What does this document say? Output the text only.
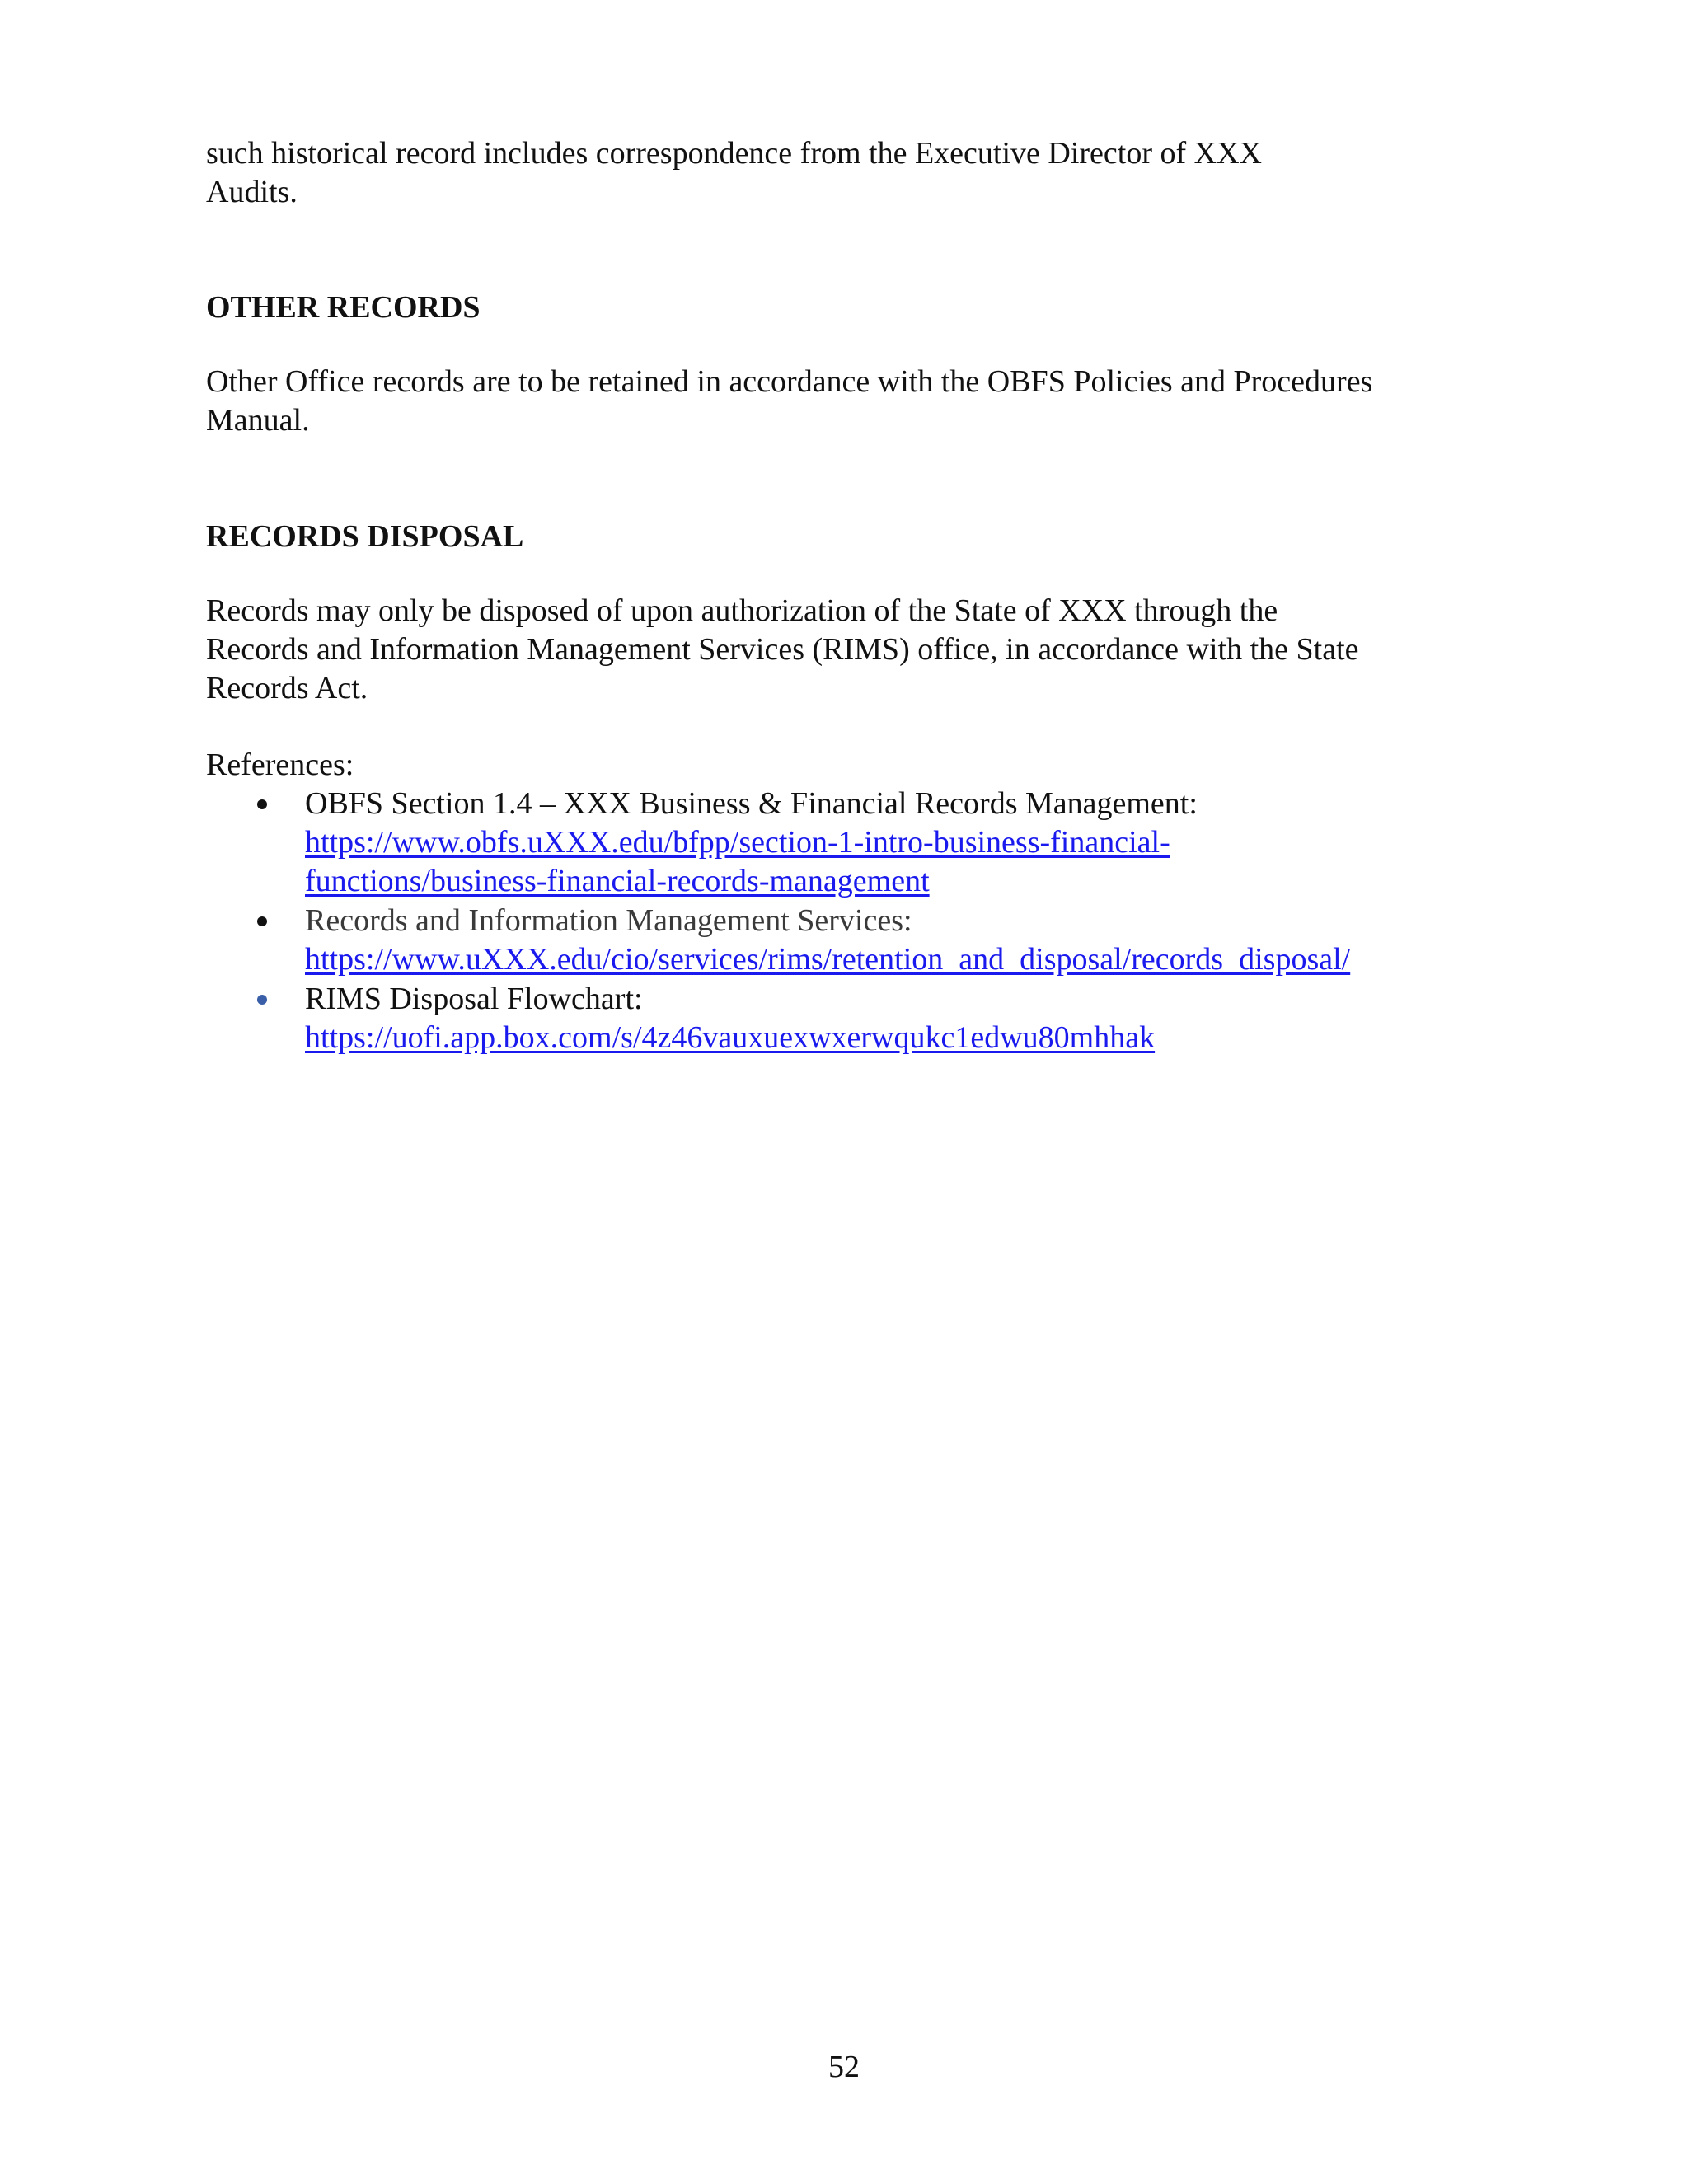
such historical record includes correspondence from the Executive Director of XXX
Audits.
OTHER RECORDS
Other Office records are to be retained in accordance with the OBFS Policies and Procedures
Manual.
RECORDS DISPOSAL
Records may only be disposed of upon authorization of the State of XXX through the
Records and Information Management Services (RIMS) office, in accordance with the State
Records Act.
References:
OBFS Section 1.4 – XXX Business & Financial Records Management:
https://www.obfs.uXXX.edu/bfpp/section-1-intro-business-financial-
functions/business-financial-records-management
Records and Information Management Services:
https://www.uXXX.edu/cio/services/rims/retention_and_disposal/records_disposal/
RIMS Disposal Flowchart:
https://uofi.app.box.com/s/4z46vauxuexwxerwqukc1edwu80mhhak
52
